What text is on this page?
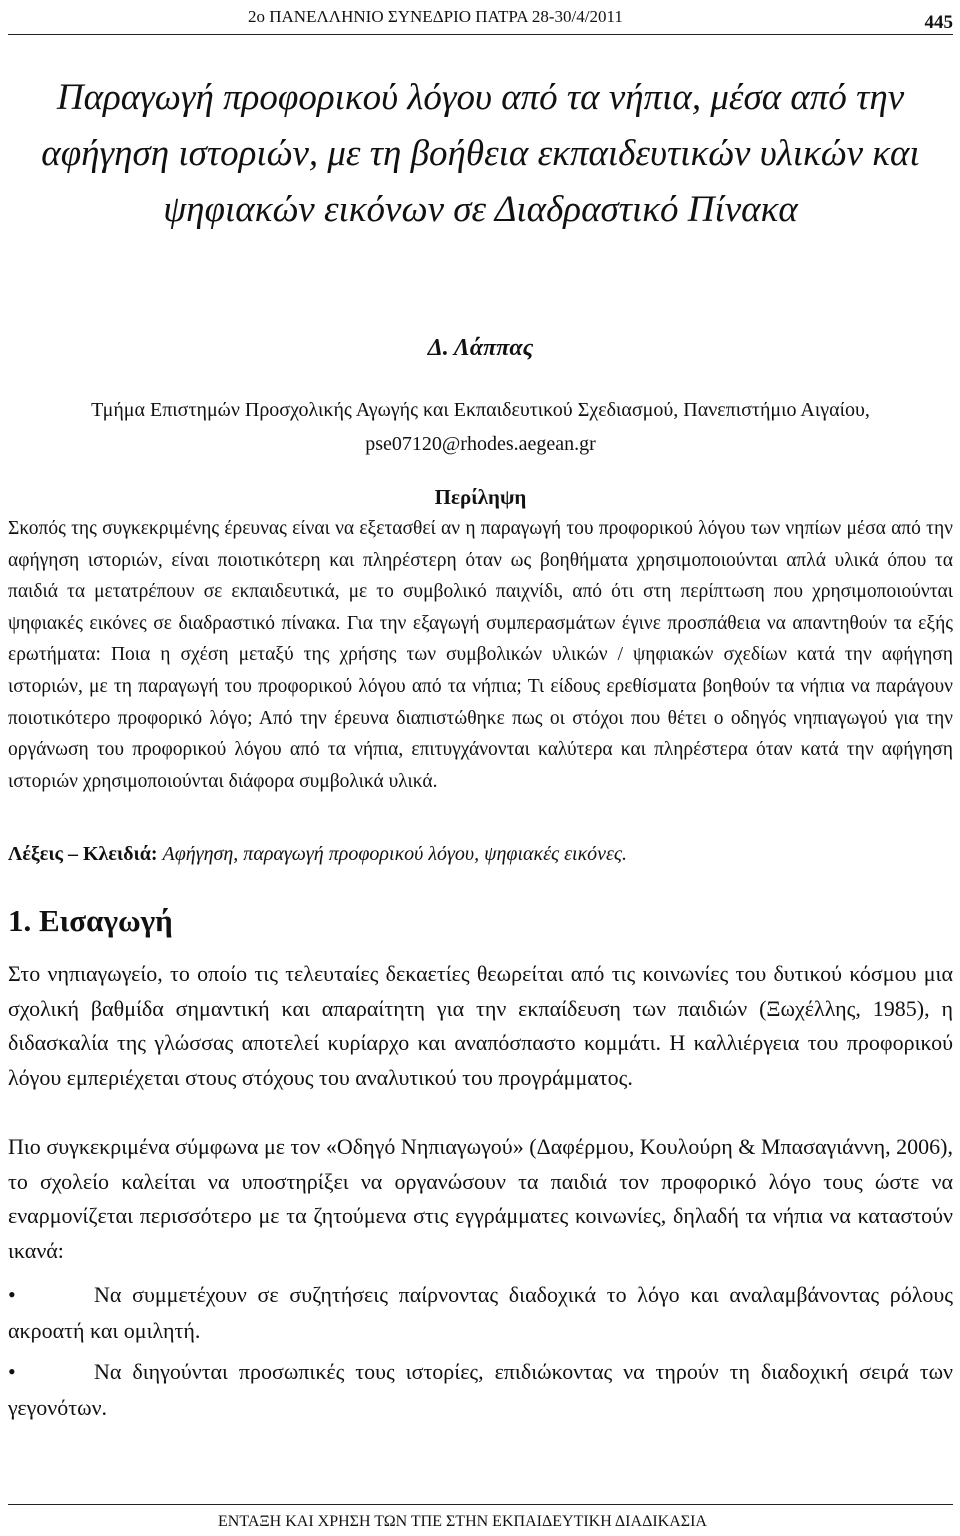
2ο ΠΑΝΕΛΛΗΝΙΟ ΣΥΝΕΔΡΙΟ ΠΑΤΡΑ 28-30/4/2011	445
Παραγωγή προφορικού λόγου από τα νήπια, μέσα από την αφήγηση ιστοριών, με τη βοήθεια εκπαιδευτικών υλικών και ψηφιακών εικόνων σε Διαδραστικό Πίνακα
Δ. Λάππας
Τμήμα Επιστημών Προσχολικής Αγωγής και Εκπαιδευτικού Σχεδιασμού, Πανεπιστήμιο Αιγαίου, pse07120@rhodes.aegean.gr
Περίληψη
Σκοπός της συγκεκριμένης έρευνας είναι να εξετασθεί αν η παραγωγή του προφορικού λόγου των νηπίων μέσα από την αφήγηση ιστοριών, είναι ποιοτικότερη και πληρέστερη όταν ως βοηθήματα χρησιμοποιούνται απλά υλικά όπου τα παιδιά τα μετατρέπουν σε εκπαιδευτικά, με το συμβολικό παιχνίδι, από ότι στη περίπτωση που χρησιμοποιούνται ψηφιακές εικόνες σε διαδραστικό πίνακα. Για την εξαγωγή συμπερασμάτων έγινε προσπάθεια να απαντηθούν τα εξής ερωτήματα: Ποια η σχέση μεταξύ της χρήσης των συμβολικών υλικών / ψηφιακών σχεδίων κατά την αφήγηση ιστοριών, με τη παραγωγή του προφορικού λόγου από τα νήπια; Τι είδους ερεθίσματα βοηθούν τα νήπια να παράγουν ποιοτικότερο προφορικό λόγο; Από την έρευνα διαπιστώθηκε πως οι στόχοι που θέτει ο οδηγός νηπιαγωγού για την οργάνωση του προφορικού λόγου από τα νήπια, επιτυγχάνονται καλύτερα και πληρέστερα όταν κατά την αφήγηση ιστοριών χρησιμοποιούνται διάφορα συμβολικά υλικά.
Λέξεις – Κλειδιά: Αφήγηση, παραγωγή προφορικού λόγου, ψηφιακές εικόνες.
1. Εισαγωγή
Στο νηπιαγωγείο, το οποίο τις τελευταίες δεκαετίες θεωρείται από τις κοινωνίες του δυτικού κόσμου μια σχολική βαθμίδα σημαντική και απαραίτητη για την εκπαίδευση των παιδιών (Ξωχέλλης, 1985), η διδασκαλία της γλώσσας αποτελεί κυρίαρχο και αναπόσπαστο κομμάτι. Η καλλιέργεια του προφορικού λόγου εμπεριέχεται στους στόχους του αναλυτικού του προγράμματος.
Πιο συγκεκριμένα σύμφωνα με τον «Οδηγό Νηπιαγωγού» (Δαφέρμου, Κουλούρη & Μπασαγιάννη, 2006), το σχολείο καλείται να υποστηρίξει να οργανώσουν τα παιδιά τον προφορικό λόγο τους ώστε να εναρμονίζεται περισσότερο με τα ζητούμενα στις εγγράμματες κοινωνίες, δηλαδή τα νήπια να καταστούν ικανά:
•	Να συμμετέχουν σε συζητήσεις παίρνοντας διαδοχικά το λόγο και αναλαμβάνοντας ρόλους ακροατή και ομιλητή.
•	Να διηγούνται προσωπικές τους ιστορίες, επιδιώκοντας να τηρούν τη διαδοχική σειρά των γεγονότων.
ΕΝΤΑΞΗ ΚΑΙ ΧΡΗΣΗ ΤΩΝ ΤΠΕ ΣΤΗΝ ΕΚΠΑΙΔΕΥΤΙΚΗ ΔΙΑΔΙΚΑΣΙΑ
